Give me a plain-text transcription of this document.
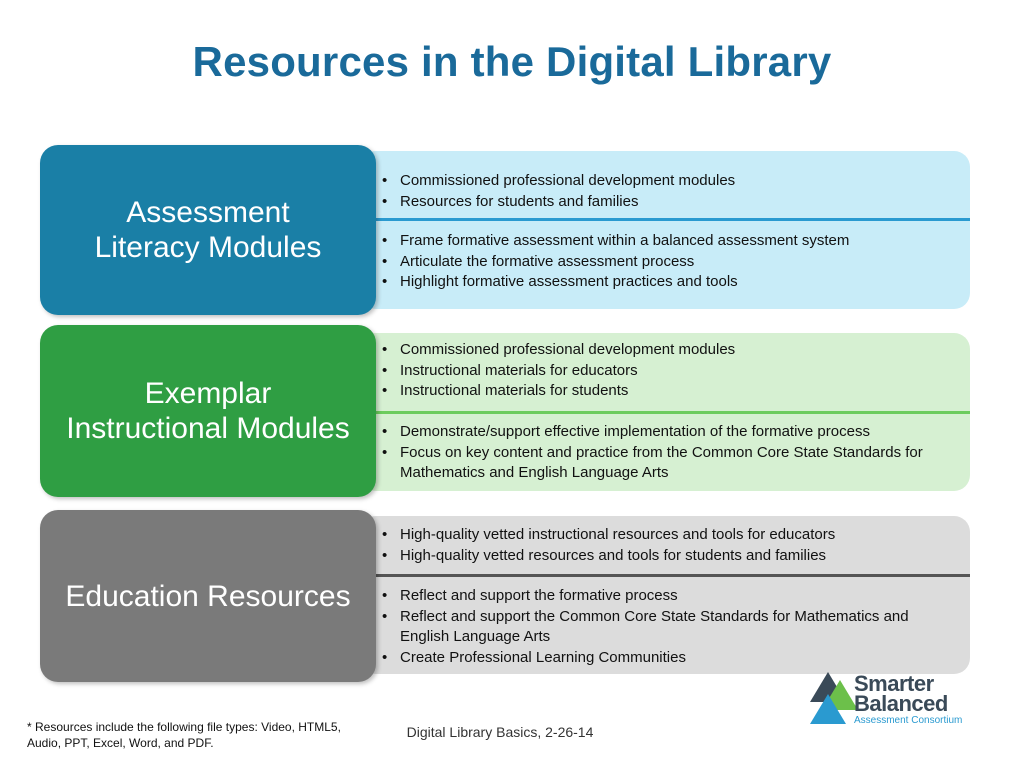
Resources in the Digital Library
Assessment
Literacy Modules
• Commissioned professional development modules
• Resources for students and families
• Frame formative assessment within a balanced assessment system
• Articulate the formative assessment process
• Highlight formative assessment practices and tools
Exemplar
Instructional Modules
• Commissioned professional development modules
• Instructional materials for educators
• Instructional materials for students
• Demonstrate/support effective implementation of the formative process
• Focus on key content and practice from the Common Core State Standards for Mathematics and English Language Arts
Education Resources
• High-quality vetted instructional resources and tools for educators
• High-quality vetted resources and tools for students and families
• Reflect and support the formative process
• Reflect and support the Common Core State Standards for Mathematics and English Language Arts
• Create Professional Learning Communities
* Resources include the following file types: Video, HTML5, Audio, PPT, Excel, Word, and PDF.
Digital Library Basics, 2-26-14
Smarter
Balanced
Assessment Consortium
